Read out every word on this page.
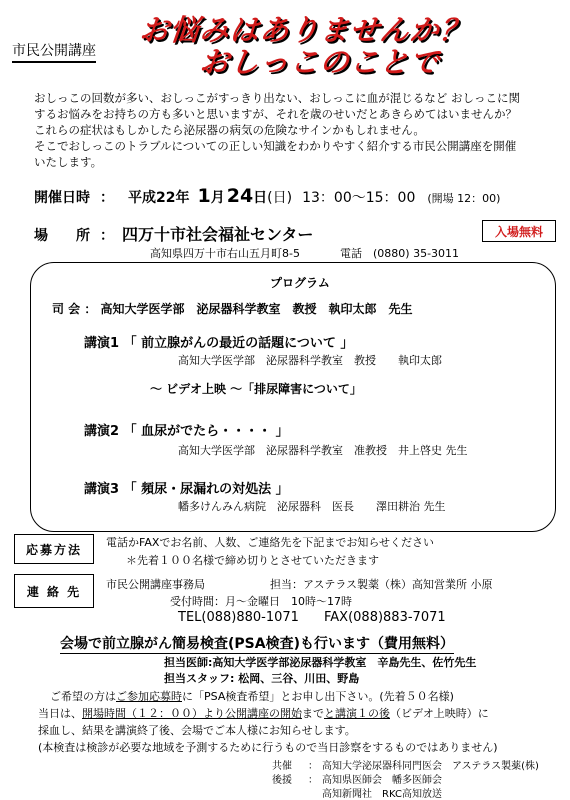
市民公開講座
お悩みはありませんか？
おしっこのことで

おしっこの回数が多い、おしっこがすっきり出ない、おしっこに血が混じるなど おしっこに関

するお悩みをお持ちの方も多いと思いますが、それを歳のせいだとあきらめてはいませんか？

これらの症状はもしかしたら泌尿器の病気の危険なサインかもしれません。

そこでおしっこのトラブルについての正しい知識をわかりやすく紹介する市民公開講座を開催

いたします。

開催日時 ： 平成22年 1 月 24 日 (日) 13：00～15：00 (開場 12：00)
場　　所 ： 四万十市社会福祉センター
高知県四万十市右山五月町8-5	電話　(0880) 35-3011
入場無料
プログラム
司 会 ： 高知大学医学部　泌尿器科学教室　教授　執印太郎　先生
講演1 「 前立腺がんの最近の話題について 」
高知大学医学部　泌尿器科学教室　教授　　執印太郎
～ ビデオ上映 ～「排尿障害について」
講演2 「 血尿がでたら・・・・ 」
高知大学医学部　泌尿器科学教室　准教授　井上啓史 先生
講演3 「 頻尿・尿漏れの対処法 」
幡多けんみん病院　泌尿器科　医長　　澤田耕治 先生
応募方法	電話かFAXでお名前、人数、ご連絡先を下記までお知らせください
＊先着１００名様で締め切りとさせていただきます
連 絡 先	市民公開講座事務局	担当：アステラス製薬（株）高知営業所 小原
受付時間：月～金曜日　10時～17時
TEL(088)880-1071 FAX(088)883-7071
会場で前立腺がん簡易検査(PSA検査)も行います（費用無料）
担当医師:高知大学医学部泌尿器科学教室　辛島先生、佐竹先生
担当スタッフ: 松岡、三谷、川田、野島
ご希望の方はご参加応募時に「PSA検査希望」とお申し出下さい。(先着５０名様)
当日は、開場時間（１２：００）より公開講座の開始までと講演１の後（ビデオ上映時）に
採血し、結果を講演終了後、会場でご本人様にお知らせします。
(本検査は検診が必要な地域を予測するために行うもので当日診察をするものではありません)
共催 ： 高知大学泌尿器科同門医会　アステラス製薬(株)
後援 ： 高知県医師会　幡多医師会
高知新聞社　RKC高知放送
